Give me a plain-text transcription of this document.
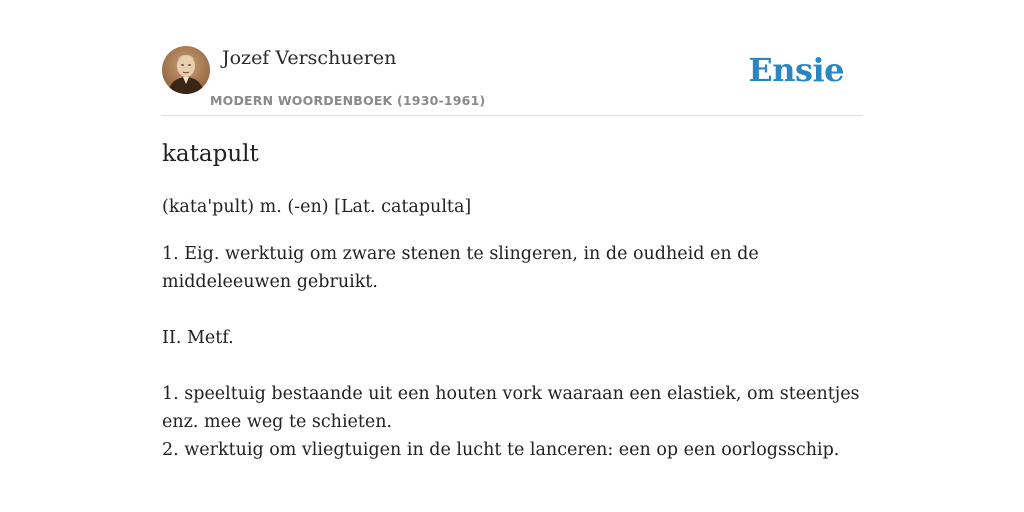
Jozef Verschueren
MODERN WOORDENBOEK (1930-1961)
Ensie
katapult

(kata'pult) m. (-en) [Lat. catapulta]

1. Eig. werktuig om zware stenen te slingeren, in de oudheid en de middeleeuwen gebruikt.

II. Metf.

1. speeltuig bestaande uit een houten vork waaraan een elastiek, om steentjes enz. mee weg te schieten.

2. werktuig om vliegtuigen in de lucht te lanceren: een op een oorlogsschip.
